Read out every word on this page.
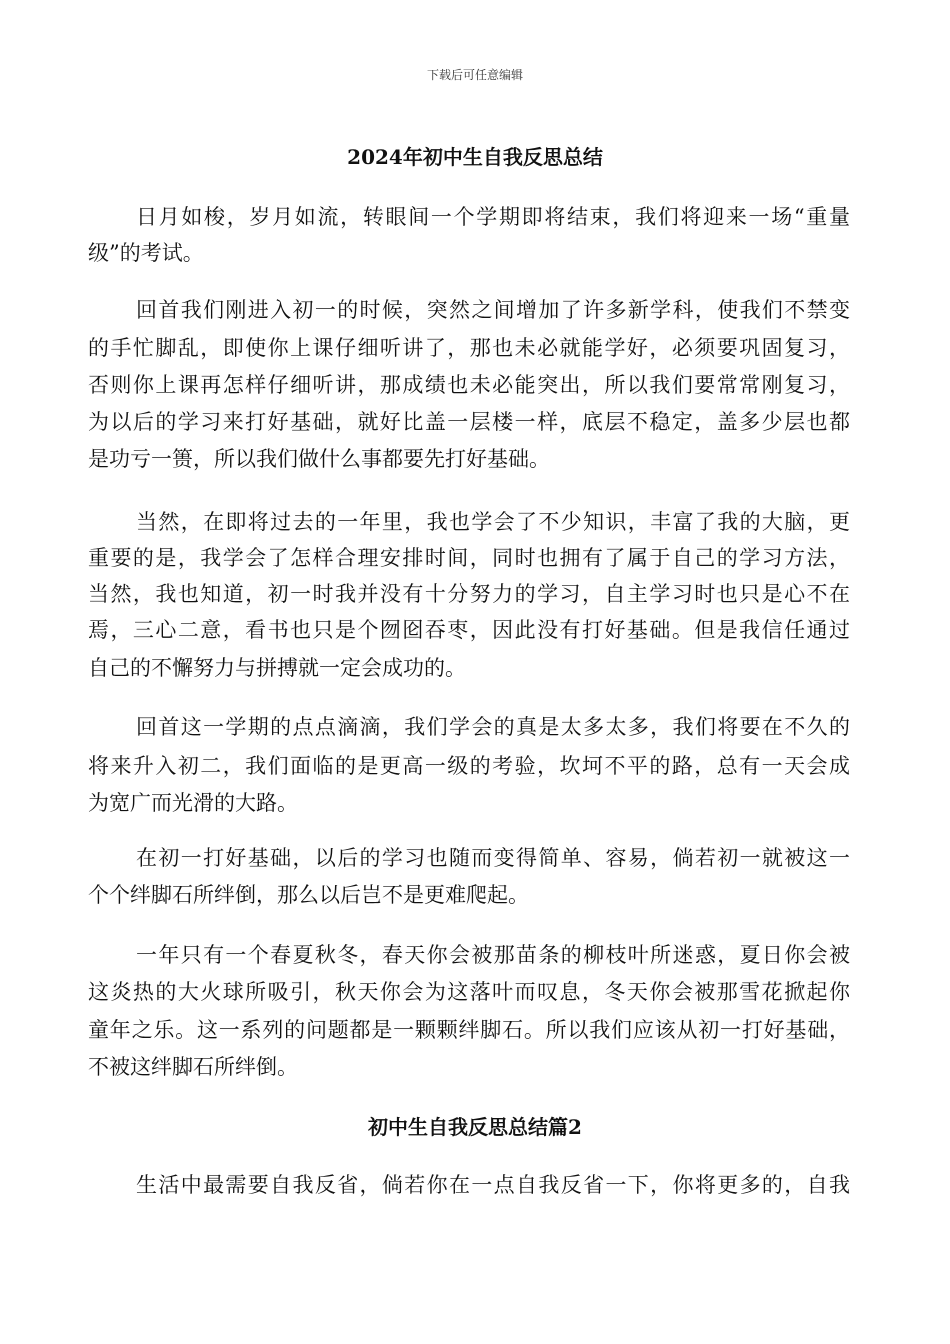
下载后可任意编辑
2024年初中生自我反思总结
初中生自我反思总结篇2
日月如梭，岁月如流，转眼间一个学期即将结束，我们将迎来一场“重量
级”的考试。
回首我们刚进入初一的时候，突然之间增加了许多新学科，使我们不禁变
的手忙脚乱，即使你上课仔细听讲了，那也未必就能学好，必须要巩固复习，
否则你上课再怎样仔细听讲，那成绩也未必能突出，所以我们要常常刚复习，
为以后的学习来打好基础，就好比盖一层楼一样，底层不稳定，盖多少层也都
是功亏一篑，所以我们做什么事都要先打好基础。
当然，在即将过去的一年里，我也学会了不少知识，丰富了我的大脑，更
重要的是，我学会了怎样合理安排时间，同时也拥有了属于自己的学习方法，
当然，我也知道，初一时我并没有十分努力的学习，自主学习时也只是心不在
焉，三心二意，看书也只是个囫囵吞枣，因此没有打好基础。但是我信任通过
自己的不懈努力与拼搏就一定会成功的。
回首这一学期的点点滴滴，我们学会的真是太多太多，我们将要在不久的
将来升入初二，我们面临的是更高一级的考验，坎坷不平的路，总有一天会成
为宽广而光滑的大路。
在初一打好基础，以后的学习也随而变得简单、容易，倘若初一就被这一
个个绊脚石所绊倒，那么以后岂不是更难爬起。
一年只有一个春夏秋冬，春天你会被那苗条的柳枝叶所迷惑，夏日你会被
这炎热的大火球所吸引，秋天你会为这落叶而叹息，冬天你会被那雪花掀起你
童年之乐。这一系列的问题都是一颗颗绊脚石。所以我们应该从初一打好基础，
不被这绊脚石所绊倒。
生活中最需要自我反省，倘若你在一点自我反省一下，你将更多的，自我
